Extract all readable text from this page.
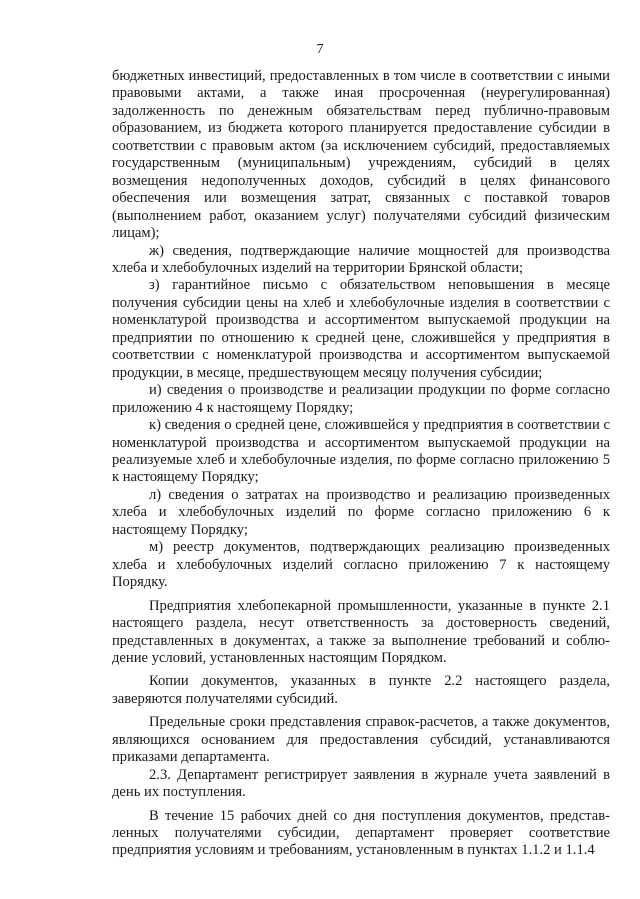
7

бюджетных инвестиций, предоставленных в том числе в соответствии с иными правовыми актами, а также иная просроченная (неурегулированная) задолженность по денежным обязательствам перед публично-правовым образованием, из бюджета которого планируется предоставление субсидии в соответствии с правовым актом (за исключением субсидий, предоставляемых государственным (муниципальным) учреждениям, субсидий в целях возмещения недополученных доходов, субсидий в целях финансового обеспечения или возмещения затрат, связанных с поставкой товаров (выполнением работ, оказанием услуг) получателями субсидий физическим лицам);

ж) сведения, подтверждающие наличие мощностей для производства хлеба и хлебобулочных изделий на территории Брянской области;

з) гарантийное письмо с обязательством неповышения в месяце получения субсидии цены на хлеб и хлебобулочные изделия в соответствии с номенклатурой производства и ассортиментом выпускаемой продукции на предприятии по отношению к средней цене, сложившейся у предприятия в соответствии с номенклатурой производства и ассортиментом выпускаемой продукции, в месяце, предшествующем месяцу получения субсидии;

и) сведения о производстве и реализации продукции по форме согласно приложению 4 к настоящему Порядку;

к) сведения о средней цене, сложившейся у предприятия в соответствии с номенклатурой производства и ассортиментом выпускаемой продукции на реализуемые хлеб и хлебобулочные изделия, по форме согласно приложению 5 к настоящему Порядку;

л) сведения о затратах на производство и реализацию произведенных хлеба и хлебобулочных изделий по форме согласно приложению 6 к настоящему Порядку;

м) реестр документов, подтверждающих реализацию произведенных хлеба и хлебобулочных изделий согласно приложению 7 к настоящему Порядку.

Предприятия хлебопекарной промышленности, указанные в пункте 2.1 настоящего раздела, несут ответственность за достоверность сведений, представленных в документах, а также за выполнение требований и соблюдение условий, установленных настоящим Порядком.

Копии документов, указанных в пункте 2.2 настоящего раздела, заверяются получателями субсидий.

Предельные сроки представления справок-расчетов, а также документов, являющихся основанием для предоставления субсидий, устанавливаются приказами департамента.

2.3. Департамент регистрирует заявления в журнале учета заявлений в день их поступления.

В течение 15 рабочих дней со дня поступления документов, представленных получателями субсидии, департамент проверяет соответствие предприятия условиям и требованиям, установленным в пунктах 1.1.2 и 1.1.4
